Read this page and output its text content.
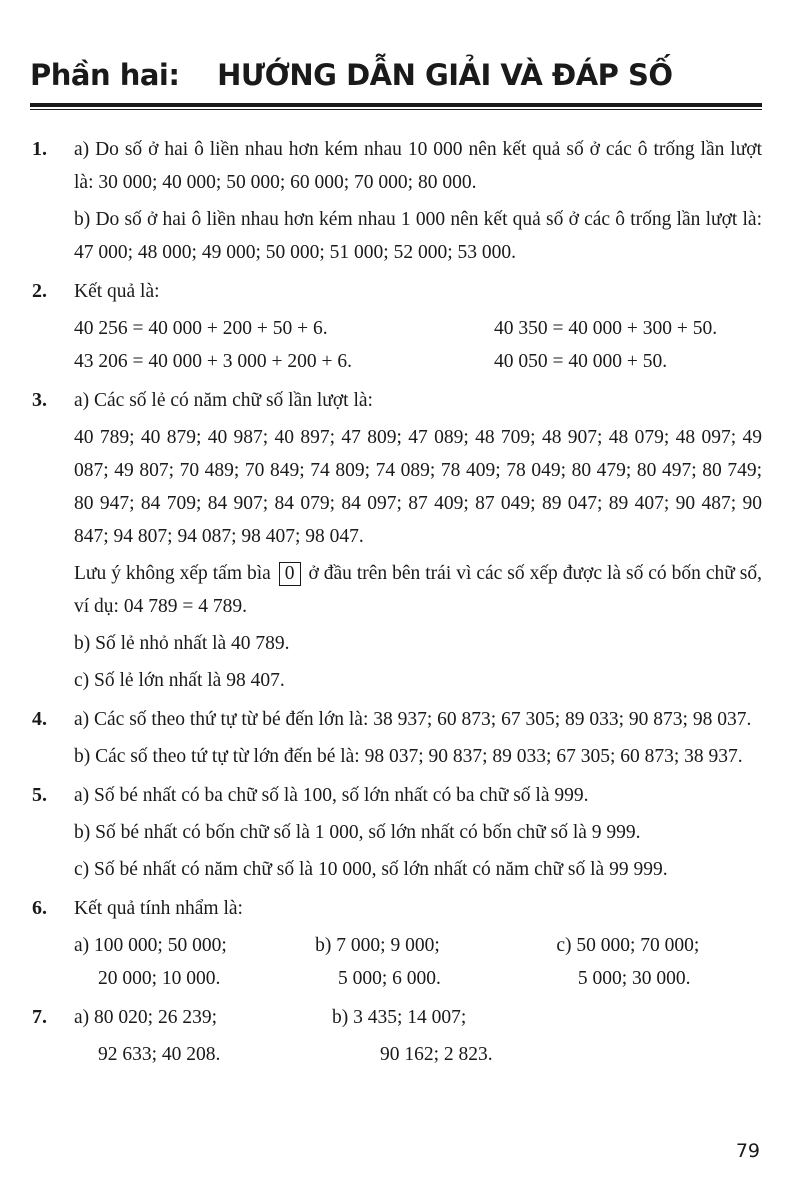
Phần hai: HƯỚNG DẪN GIẢI VÀ ĐÁP SỐ
1. a) Do số ở hai ô liền nhau hơn kém nhau 10 000 nên kết quả số ở các ô trống lần lượt là: 30 000; 40 000; 50 000; 60 000; 70 000; 80 000.
b) Do số ở hai ô liền nhau hơn kém nhau 1 000 nên kết quả số ở các ô trống lần lượt là: 47 000; 48 000; 49 000; 50 000; 51 000; 52 000; 53 000.
2. Kết quả là:
40 256 = 40 000 + 200 + 50 + 6.	40 350 = 40 000 + 300 + 50.
43 206 = 40 000 + 3 000 + 200 + 6.	40 050 = 40 000 + 50.
3. a) Các số lẻ có năm chữ số lần lượt là:
40 789; 40 879; 40 987; 40 897; 47 809; 47 089; 48 709; 48 907; 48 079; 48 097; 49 087; 49 807; 70 489; 70 849; 74 809; 74 089; 78 409; 78 049; 80 479; 80 497; 80 749; 80 947; 84 709; 84 907; 84 079; 84 097; 87 409; 87 049; 89 047; 89 407; 90 487; 90 847; 94 807; 94 087; 98 407; 98 047.
Lưu ý không xếp tấm bìa 0 ở đầu trên bên trái vì các số xếp được là số có bốn chữ số, ví dụ: 04 789 = 4 789.
b) Số lẻ nhỏ nhất là 40 789.
c) Số lẻ lớn nhất là 98 407.
4. a) Các số theo thứ tự từ bé đến lớn là: 38 937; 60 873; 67 305; 89 033; 90 873; 98 037.
b) Các số theo tứ tự từ lớn đến bé là: 98 037; 90 837; 89 033; 67 305; 60 873; 38 937.
5. a) Số bé nhất có ba chữ số là 100, số lớn nhất có ba chữ số là 999.
b) Số bé nhất có bốn chữ số là 1 000, số lớn nhất có bốn chữ số là 9 999.
c) Số bé nhất có năm chữ số là 10 000, số lớn nhất có năm chữ số là 99 999.
6. Kết quả tính nhẩm là:
a) 100 000; 50 000;	b) 7 000; 9 000;	c) 50 000; 70 000;
20 000; 10 000.	5 000; 6 000.	5 000; 30 000.
7. a) 80 020; 26 239;	b) 3 435; 14 007;
92 633; 40 208.	90 162; 2 823.
79
